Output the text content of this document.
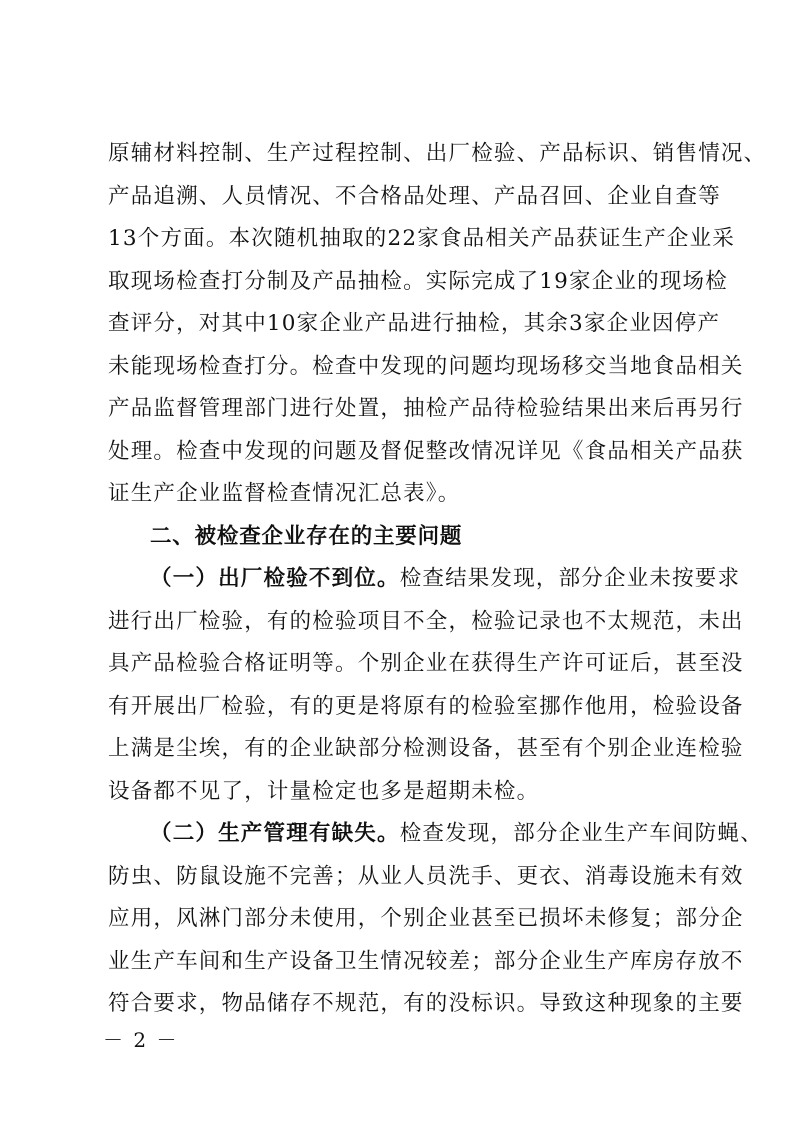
原辅材料控制、生产过程控制、出厂检验、产品标识、销售情况、
产品追溯、人员情况、不合格品处理、产品召回、企业自查等
13个方面。本次随机抽取的22家食品相关产品获证生产企业采
取现场检查打分制及产品抽检。实际完成了19家企业的现场检
查评分，对其中10家企业产品进行抽检，其余3家企业因停产
未能现场检查打分。检查中发现的问题均现场移交当地食品相关
产品监督管理部门进行处置，抽检产品待检验结果出来后再另行
处理。检查中发现的问题及督促整改情况详见《食品相关产品获
证生产企业监督检查情况汇总表》。
二、被检查企业存在的主要问题
（一）出厂检验不到位。检查结果发现，部分企业未按要求
进行出厂检验，有的检验项目不全，检验记录也不太规范，未出
具产品检验合格证明等。个别企业在获得生产许可证后，甚至没
有开展出厂检验，有的更是将原有的检验室挪作他用，检验设备
上满是尘埃，有的企业缺部分检测设备，甚至有个别企业连检验
设备都不见了，计量检定也多是超期未检。
（二）生产管理有缺失。检查发现，部分企业生产车间防蝇、
防虫、防鼠设施不完善；从业人员洗手、更衣、消毒设施未有效
应用，风淋门部分未使用，个别企业甚至已损坏未修复；部分企
业生产车间和生产设备卫生情况较差；部分企业生产库房存放不
符合要求，物品储存不规范，有的没标识。导致这种现象的主要
－ 2 －
